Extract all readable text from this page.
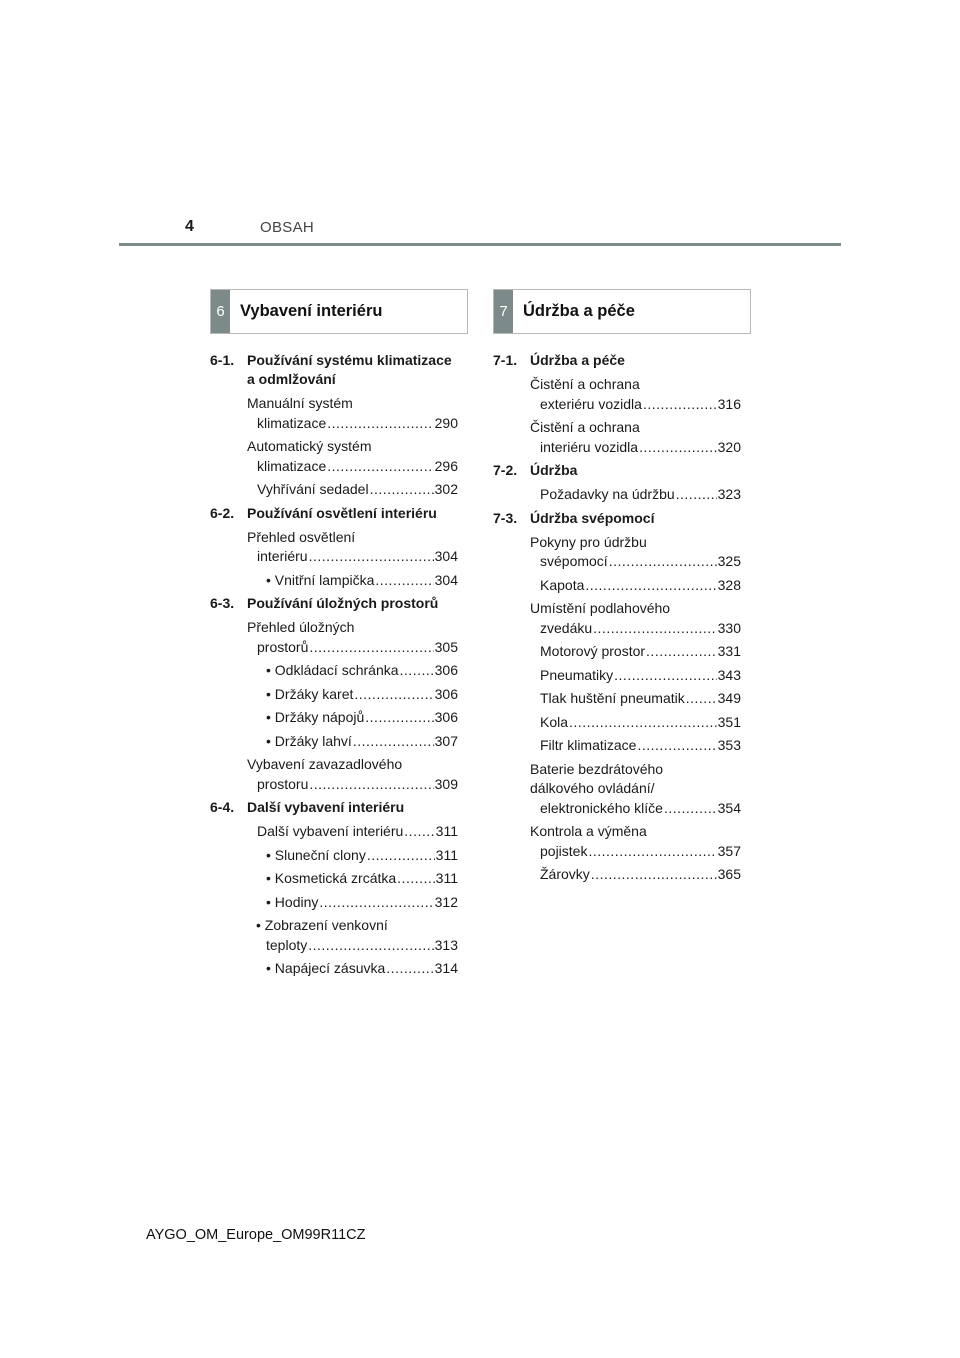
4	OBSAH
6 Vybavení interiéru
6-1. Používání systému klimatizace a odmlžování
Manuální systém
klimatizace .....	290
Automatický systém
klimatizace .....	296
Vyhřívání sedadel .....	302
6-2. Používání osvětlení interiéru
Přehled osvětlení
interiéru .....	304
• Vnitřní lampička .....	304
6-3. Používání úložných prostorů
Přehled úložných
prostorů .....	305
• Odkládací schránka .....	306
• Držáky karet .....	306
• Držáky nápojů .....	306
• Držáky lahví .....	307
Vybavení zavazadlového
prostoru .....	309
6-4. Další vybavení interiéru
Další vybavení interiéru ..... 311
• Sluneční clony .....	311
• Kosmetická zrcátka .....	311
• Hodiny .....	312
• Zobrazení venkovní
teploty .....	313
• Napájecí zásuvka .....	314
7 Údržba a péče
7-1. Údržba a péče
Čistění a ochrana
exteriéru vozidla .....	316
Čistění a ochrana
interiéru vozidla .....	320
7-2. Údržba
Požadavky na údržbu .....	323
7-3. Údržba svépomocí
Pokyny pro údržbu
svépomocí .....	325
Kapota .....	328
Umístění podlahového
zvedáku .....	330
Motorový prostor .....	331
Pneumatiky .....	343
Tlak huštění pneumatik ..... 349
Kola .....	351
Filtr klimatizace .....	353
Baterie bezdrátového
dálkového ovládání/
elektronického klíče .....	354
Kontrola a výměna
pojistek .....	357
Žárovky .....	365
AYGO_OM_Europe_OM99R11CZ
